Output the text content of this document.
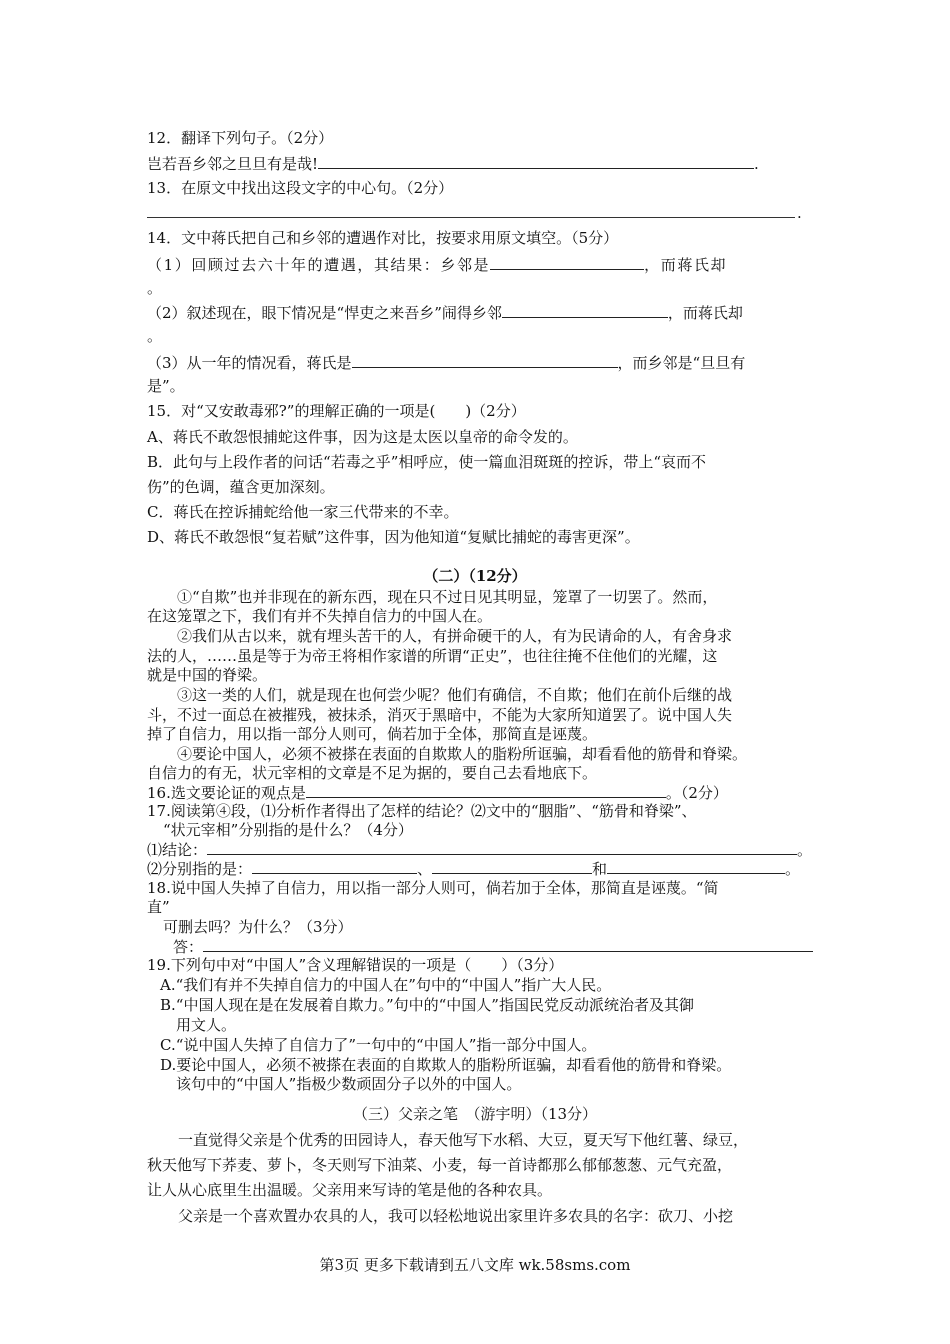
12．翻译下列句子。（2分）
岂若吾乡邻之旦旦有是哉!	.
13．在原文中找出这段文字的中心句。（2分）
.
14．文中蒋氏把自己和乡邻的遭遇作对比，按要求用原文填空。（5分）
（1）回顾过去六十年的遭遇，其结果：乡邻是	，而蒋氏却
。
（2）叙述现在，眼下情况是“悍吏之来吾乡”闹得乡邻	，而蒋氏却
。
（3）从一年的情况看，蒋氏是	，而乡邻是“旦旦有
是”。
15．对“又安敢毒邪?”的理解正确的一项是(　　)（2分）
A、蒋氏不敢怨恨捕蛇这件事，因为这是太医以皇帝的命令发的。
B．此句与上段作者的问话“若毒之乎”相呼应，使一篇血泪斑斑的控诉，带上“哀而不
伤”的色调，蕴含更加深刻。
C．蒋氏在控诉捕蛇给他一家三代带来的不幸。
D、蒋氏不敢怨恨“复若赋”这件事，因为他知道“复赋比捕蛇的毒害更深”。
（二）（12分）
①“自欺”也并非现在的新东西，现在只不过日见其明显，笼罩了一切罢了。然而，
在这笼罩之下，我们有并不失掉自信力的中国人在。
②我们从古以来，就有埋头苦干的人，有拼命硬干的人，有为民请命的人，有舍身求
法的人，……虽是等于为帝王将相作家谱的所谓“正史”，也往往掩不住他们的光耀，这
就是中国的脊梁。
③这一类的人们，就是现在也何尝少呢？他们有确信，不自欺；他们在前仆后继的战
斗，不过一面总在被摧残，被抹杀，消灭于黑暗中，不能为大家所知道罢了。说中国人失
掉了自信力，用以指一部分人则可，倘若加于全体，那简直是诬蔑。
④要论中国人，必须不被搽在表面的自欺欺人的脂粉所诓骗，却看看他的筋骨和脊梁。
自信力的有无，状元宰相的文章是不足为据的，要自己去看地底下。
16.选文要论证的观点是	。（2分）
17.阅读第④段，⑴分析作者得出了怎样的结论？⑵文中的“胭脂”、“筋骨和脊梁”、
“状元宰相”分别指的是什么？（4分）
⑴结论：	。
⑵分别指的是：	、	和	。
18.说中国人失掉了自信力，用以指一部分人则可，倘若加于全体，那简直是诬蔑。“简
直”
可删去吗？为什么？（3分）
答：
19.下列句中对“中国人”含义理解错误的一项是（　　）（3分）
A.“我们有并不失掉自信力的中国人在”句中的“中国人”指广大人民。
B.“中国人现在是在发展着自欺力。”句中的“中国人”指国民党反动派统治者及其御
用文人。
C.“说中国人失掉了自信力了”一句中的“中国人”指一部分中国人。
D.要论中国人，必须不被搽在表面的自欺欺人的脂粉所诓骗，却看看他的筋骨和脊梁。
该句中的“中国人”指极少数顽固分子以外的中国人。
（三）父亲之笔　（游宇明）（13分）
一直觉得父亲是个优秀的田园诗人，春天他写下水稻、大豆，夏天写下他红薯、绿豆，
秋天他写下荞麦、萝卜，冬天则写下油菜、小麦，每一首诗都那么郁郁葱葱、元气充盈，
让人从心底里生出温暖。父亲用来写诗的笔是他的各种农具。
父亲是一个喜欢置办农具的人，我可以轻松地说出家里许多农具的名字：砍刀、小挖
第3页 更多下载请到五八文库 wk.58sms.com
